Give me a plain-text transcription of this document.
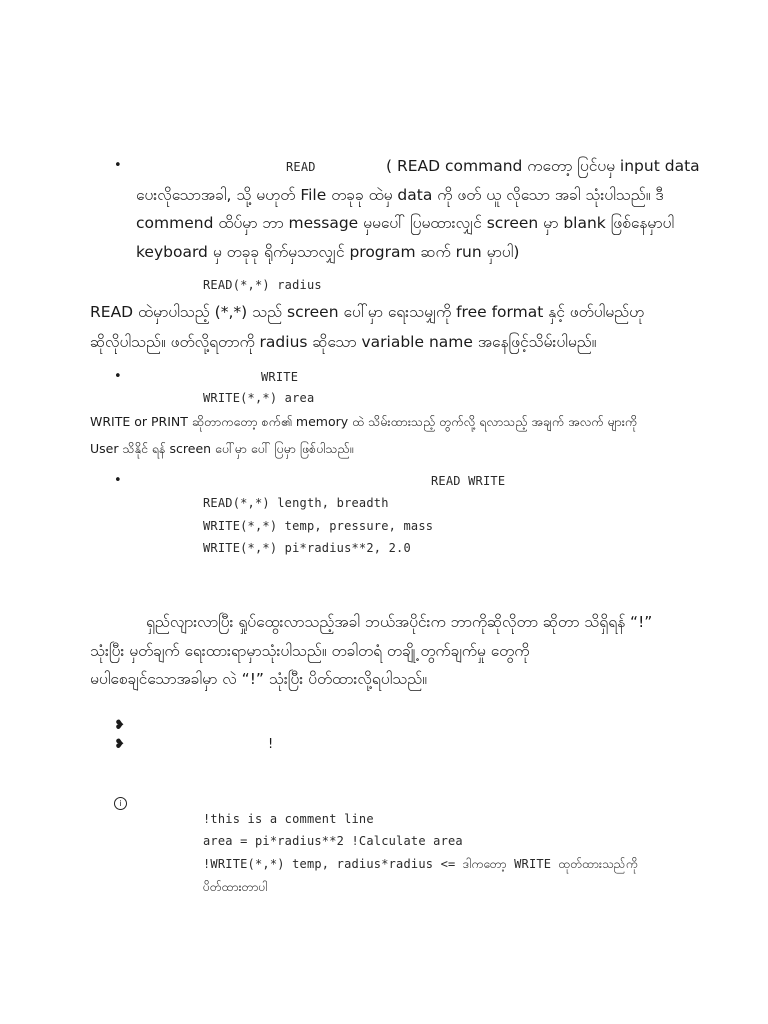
•	READ	( READ command ကတော့ ပြင်ပမှ input data
ပေးလိုသောအခါ, သို့ မဟုတ် File တခုခု ထဲမှ data ကို ဖတ် ယူ လိုသော အခါ သုံးပါသည်။ ဒီ
commend ထိပ်မှာ ဘာ message မှမပေါ် ပြမထားလျှင် screen မှာ blank ဖြစ်နေမှာပါ
keyboard မှ တခုခု ရိုက်မှသာလျှင် program ဆက် run မှာပါ)
READ(*,*) radius
READ ထဲမှာပါသည့် (*,*) သည် screen ပေါ်မှာ ရေးသမျှကို free format နှင့် ဖတ်ပါမည်ဟု
ဆိုလိုပါသည်။ ဖတ်လို့ရတာကို radius ဆိုသော variable name အနေဖြင့်သိမ်းပါမည်။
•	WRITE
WRITE(*,*) area
WRITE or PRINT ဆိုတာကတော့ စက်၏ memory ထဲ သိမ်းထားသည့် တွက်လို့ ရလာသည့် အချက် အလက် များကို
User သိနိုင် ရန် screen ပေါ်မှာ ပေါ် ပြမှာ ဖြစ်ပါသည်။
•	READ WRITE
READ(*,*) length, breadth
WRITE(*,*) temp, pressure, mass
WRITE(*,*) pi*radius**2, 2.0
ရှည်လျားလာပြီး ရှုပ်ထွေးလာသည့်အခါ ဘယ်အပိုင်းက ဘာကိုဆိုလိုတာ ဆိုတာ သိရှိရန် “!”
သုံးပြီး မှတ်ချက် ရေးထားရာမှာသုံးပါသည်။ တခါတရံ တချို့ တွက်ချက်မှု တွေကို
မပါစေချင်သောအခါမှာ လဲ “!” သုံးပြီး ပိတ်ထားလို့ရပါသည်။
❥
❥	!
i
!this is a comment line
area = pi*radius**2 !Calculate area
!WRITE(*,*) temp, radius*radius <= ဒါကတော့ WRITE ထုတ်ထားသည်ကို
ပိတ်ထားတာပါ
